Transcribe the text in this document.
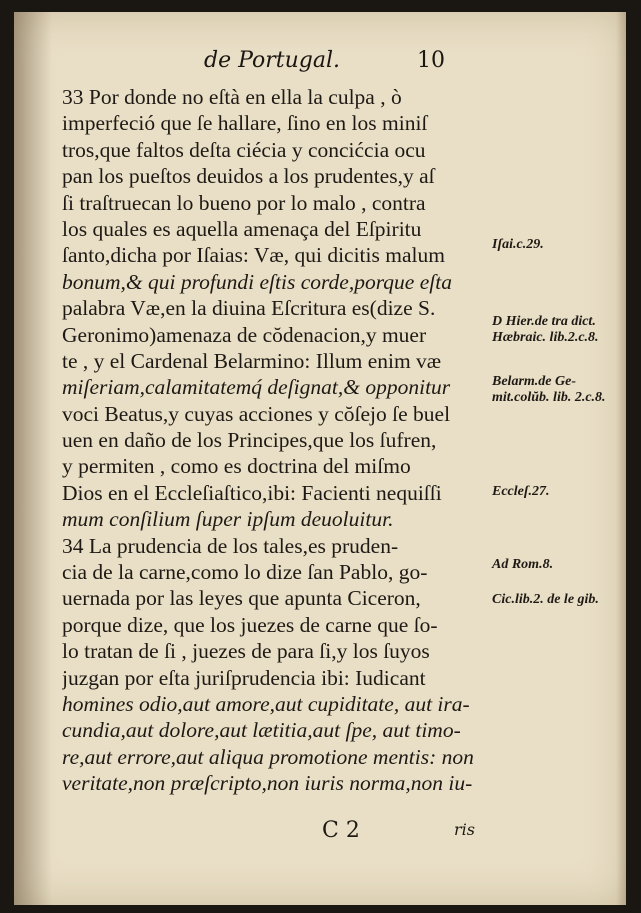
de Portugal.	10
33 Por donde no eſtà en ella la culpa , ò
imperfeció que ſe hallare, ſino en los miniſ
tros,que faltos deſta ciécia y concićcia ocu
pan los pueſtos deuidos a los prudentes,y aſ
ſi traſtruecan lo bueno por lo malo , contra
los quales es aquella amenaça del Eſpiritu
ſanto,dicha por Iſaias: Væ, qui dicitis malum
bonum,& qui profundi eſtis corde,porque eſta
palabra Væ,en la diuina Eſcritura es(dize S.
Geronimo)amenaza de cŏdenacion,y muer
te , y el Cardenal Belarmino: Illum enim væ
miſeriam,calamitatemq́ deſignat,& opponitur
voci Beatus,y cuyas acciones y cŏſejo ſe buel
uen en daño de los Principes,que los ſufren,
y permiten , como es doctrina del miſmo
Dios en el Eccleſiaſtico,ibi: Facienti nequiſſi
mum conſilium ſuper ipſum deuoluitur.
34 La prudencia de los tales,es pruden-
cia de la carne,como lo dize ſan Pablo, go-
uernada por las leyes que apunta Ciceron,
porque dize, que los juezes de carne que ſo-
lo tratan de ſi , juezes de para ſi,y los ſuyos
juzgan por eſta juriſprudencia ibi: Iudicant
homines odio,aut amore,aut cupiditate, aut ira-
cundia,aut dolore,aut lætitia,aut ſpe, aut timo-
re,aut errore,aut aliqua promotione mentis: non
veritate,non præſcripto,non iuris norma,non iu-
Iſai.c.29.
D Hier.de tra dict. Hæbraic. lib.2.c.8.
Belarm.de Ge-mit.colŭb. lib. 2.c.8.
Eccleſ.27.
Ad Rom.8.
Cic.lib.2. de le gib.
C 2	ris
